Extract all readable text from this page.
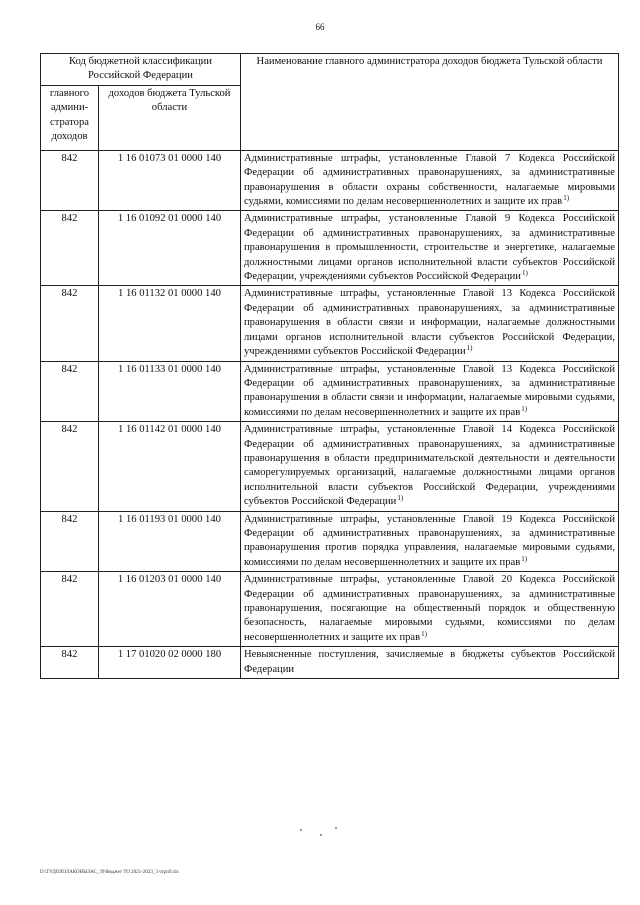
66
Код бюджетной классификации Российской Федерации		Наименование главного администратора доходов бюджета Тульской области
главного админи-стратора доходов	доходов бюджета Тульской области	
842	1 16 01073 01 0000 140	Административные штрафы, установленные Главой 7 Кодекса Российской Федерации об административных правонарушениях, за административные правонарушения в области охраны собственности, налагаемые мировыми судьями, комиссиями по делам несовершеннолетних и защите их прав$^{1)}$
842	1 16 01092 01 0000 140	Административные штрафы, установленные Главой 9 Кодекса Российской Федерации об административных правонарушениях, за административные правонарушения в промышленности, строительстве и энергетике, налагаемые должностными лицами органов исполнительной власти субъектов Российской Федерации, учреждениями субъектов Российской Федерации$^{1)}$
842	1 16 01132 01 0000 140	Административные штрафы, установленные Главой 13 Кодекса Российской Федерации об административных правонарушениях, за административные правонарушения в области связи и информации, налагаемые должностными лицами органов исполнительной власти субъектов Российской Федерации, учреждениями субъектов Российской Федерации$^{1)}$
842	1 16 01133 01 0000 140	Административные штрафы, установленные Главой 13 Кодекса Российской Федерации об административных правонарушениях, за административные правонарушения в области связи и информации, налагаемые мировыми судьями, комиссиями по делам несовершеннолетних и защите их прав$^{1)}$
842	1 16 01142 01 0000 140	Административные штрафы, установленные Главой 14 Кодекса Российской Федерации об административных правонарушениях, за административные правонарушения в области предпринимательской деятельности и деятельности саморегулируемых организаций, налагаемые должностными лицами органов исполнительной власти субъектов Российской Федерации, учреждениями субъектов Российской Федерации$^{1)}$
842	1 16 01193 01 0000 140	Административные штрафы, установленные Главой 19 Кодекса Российской Федерации об административных правонарушениях, за административные правонарушения против порядка управления, налагаемые мировыми судьями, комиссиями по делам несовершеннолетних и защите их прав$^{1)}$
842	1 16 01203 01 0000 140	Административные штрафы, установленные Главой 20 Кодекса Российской Федерации об административных правонарушениях, за административные правонарушения, посягающие на общественный порядок и общественную безопасность, налагаемые мировыми судьями, комиссиями по делам несовершеннолетних и защите их прав$^{1)}$
842	1 17 01020 02 0000 180	Невыясненные поступления, зачисляемые в бюджеты субъектов Российской Федерации
D:\ГУДОЛОЛАКОНЫЗАС_39\бюджет ТО 2021-2023_3 чтрп9.xls
